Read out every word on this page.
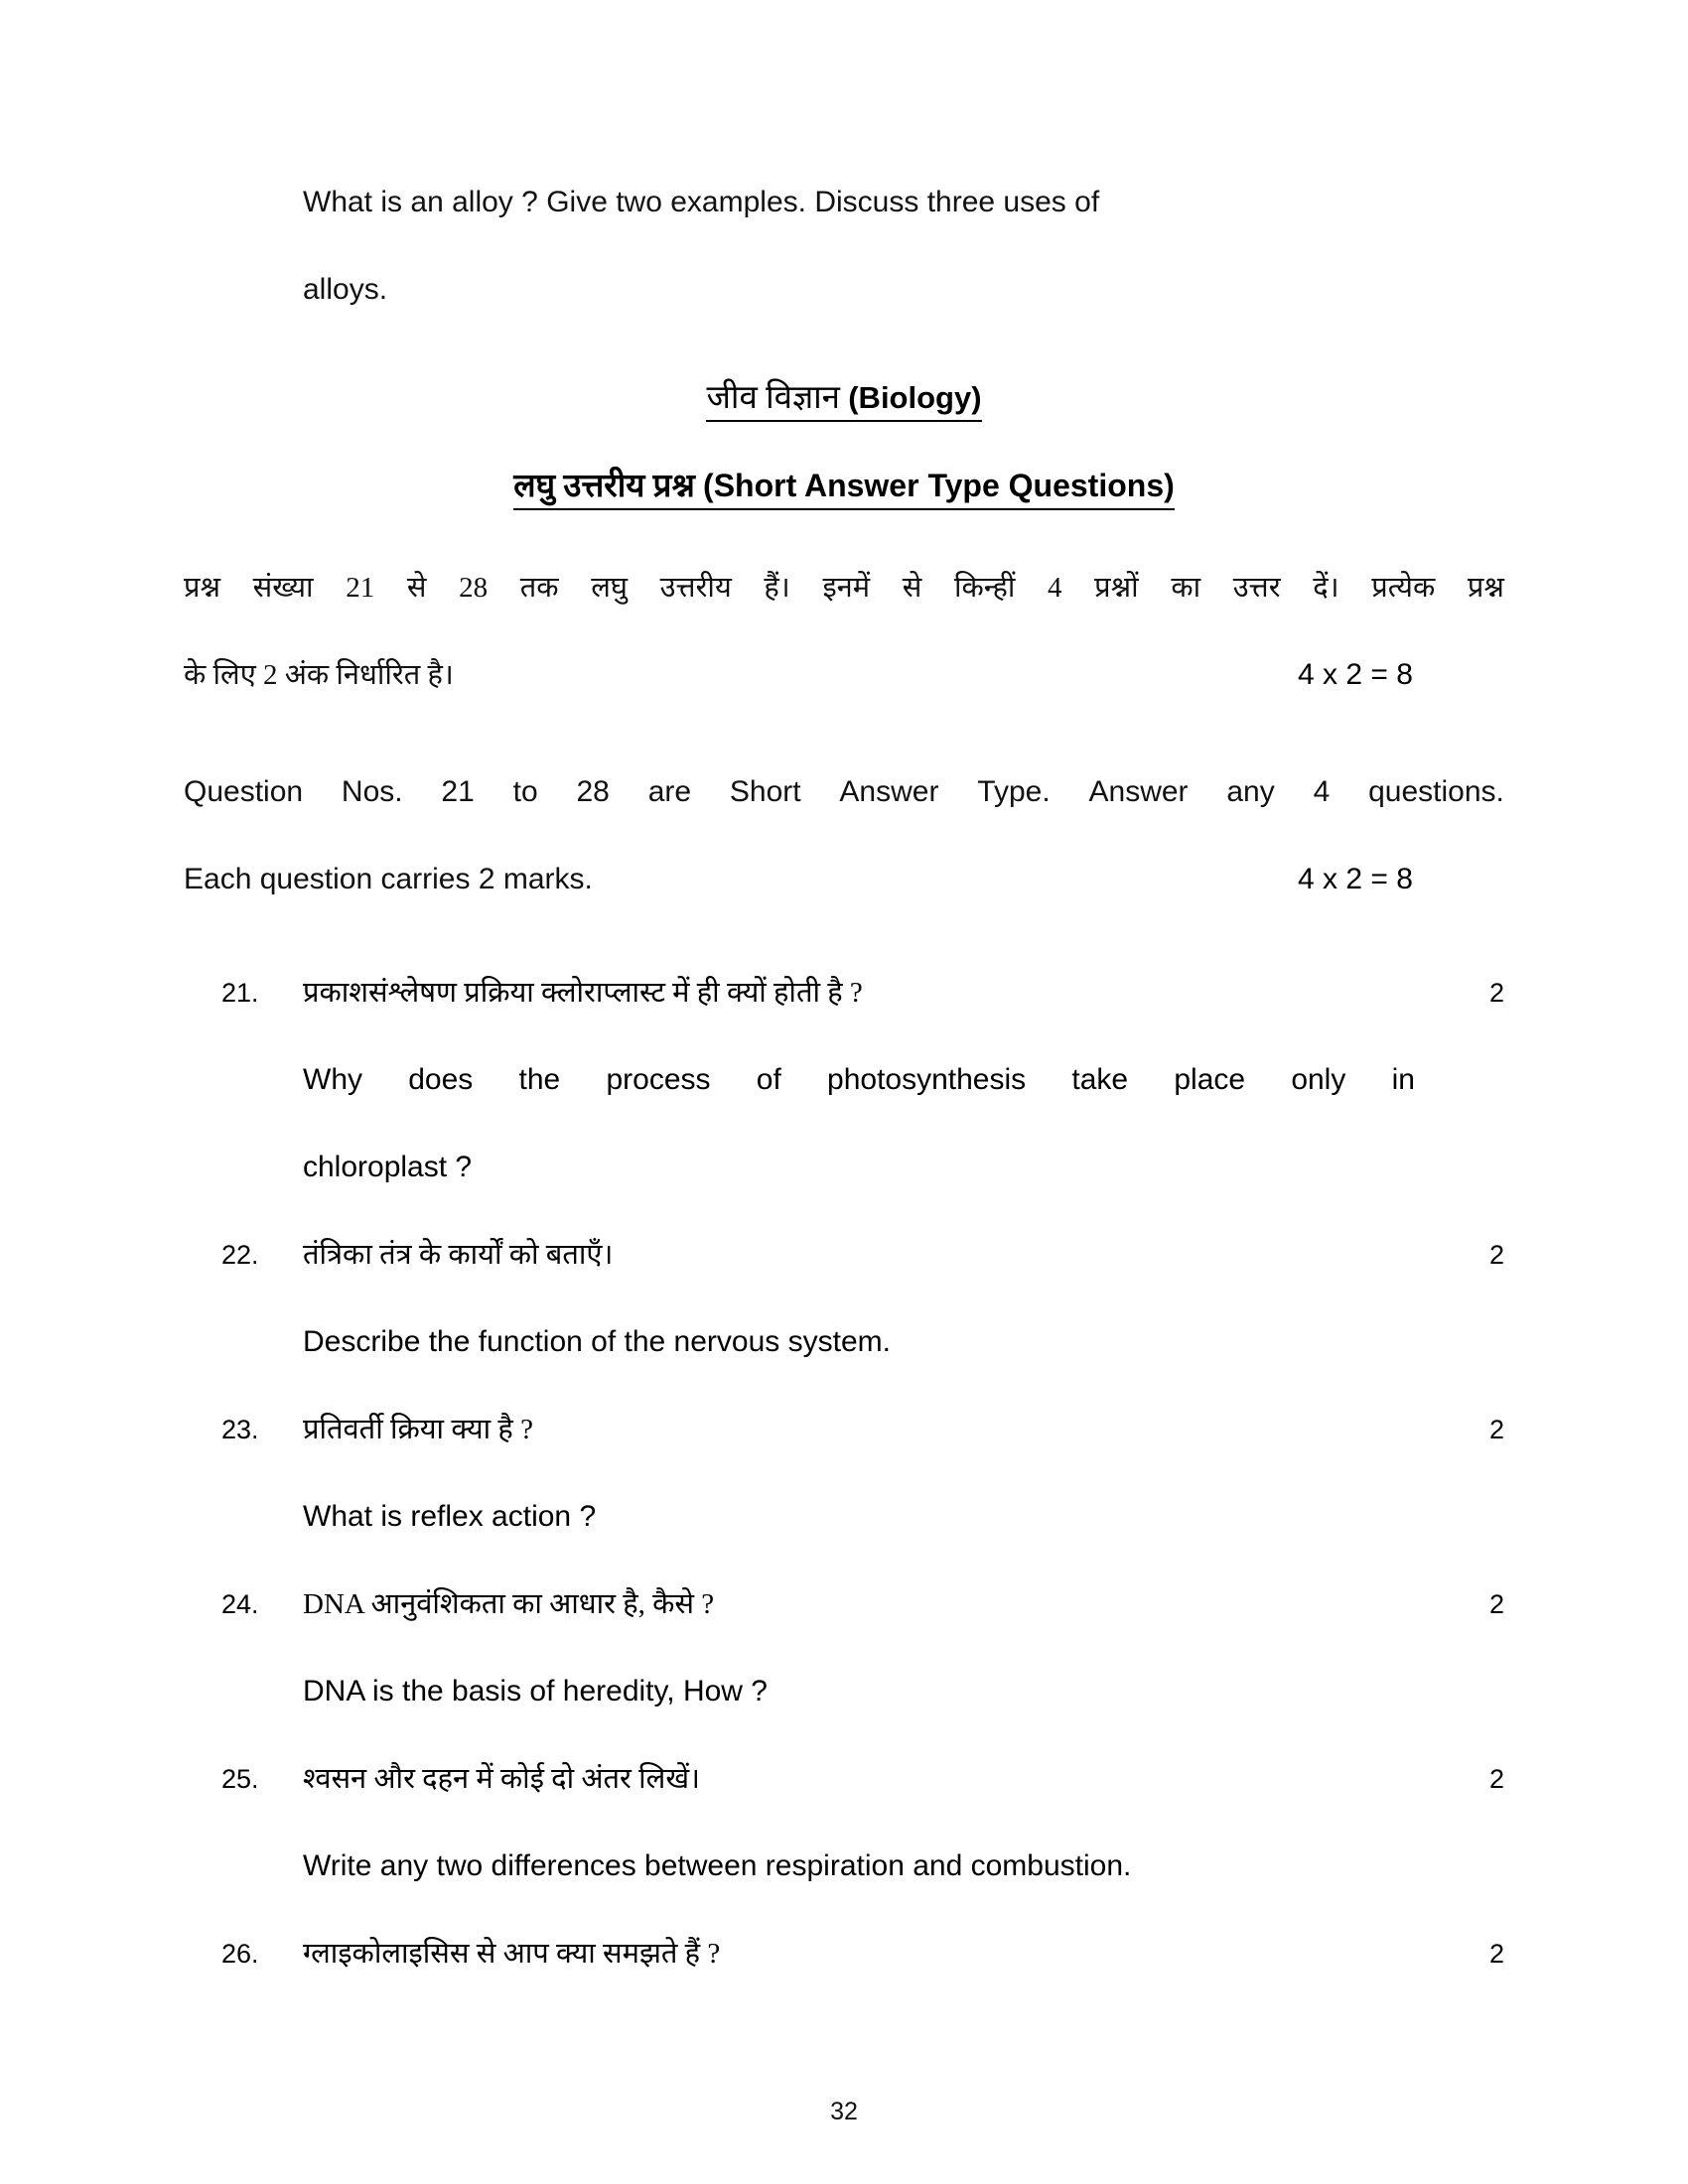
What is an alloy ? Give two examples. Discuss three uses of
alloys.
जीव विज्ञान (Biology)
लघु उत्तरीय प्रश्न (Short Answer Type Questions)
प्रश्न संख्या 21 से 28 तक लघु उत्तरीय हैं। इनमें से किन्हीं 4 प्रश्नों का उत्तर दें। प्रत्येक प्रश्न
के लिए 2 अंक निर्धारित है।	4 x 2 = 8
Question Nos. 21 to 28 are Short Answer Type. Answer any 4 questions.
Each question carries 2 marks.	4 x 2 = 8
21.	प्रकाशसंश्लेषण प्रक्रिया क्लोराप्लास्ट में ही क्यों होती है ?	2
Why does the process of photosynthesis take place only in
chloroplast ?
22.	तंत्रिका तंत्र के कार्यों को बताएँ।	2
Describe the function of the nervous system.
23.	प्रतिवर्ती क्रिया क्या है ?	2
What is reflex action ?
24.	DNA आनुवंशिकता का आधार है, कैसे ?	2
DNA is the basis of heredity, How ?
25.	श्वसन और दहन में कोई दो अंतर लिखें।	2
Write any two differences between respiration and combustion.
26.	ग्लाइकोलाइसिस से आप क्या समझते हैं ?	2
32
